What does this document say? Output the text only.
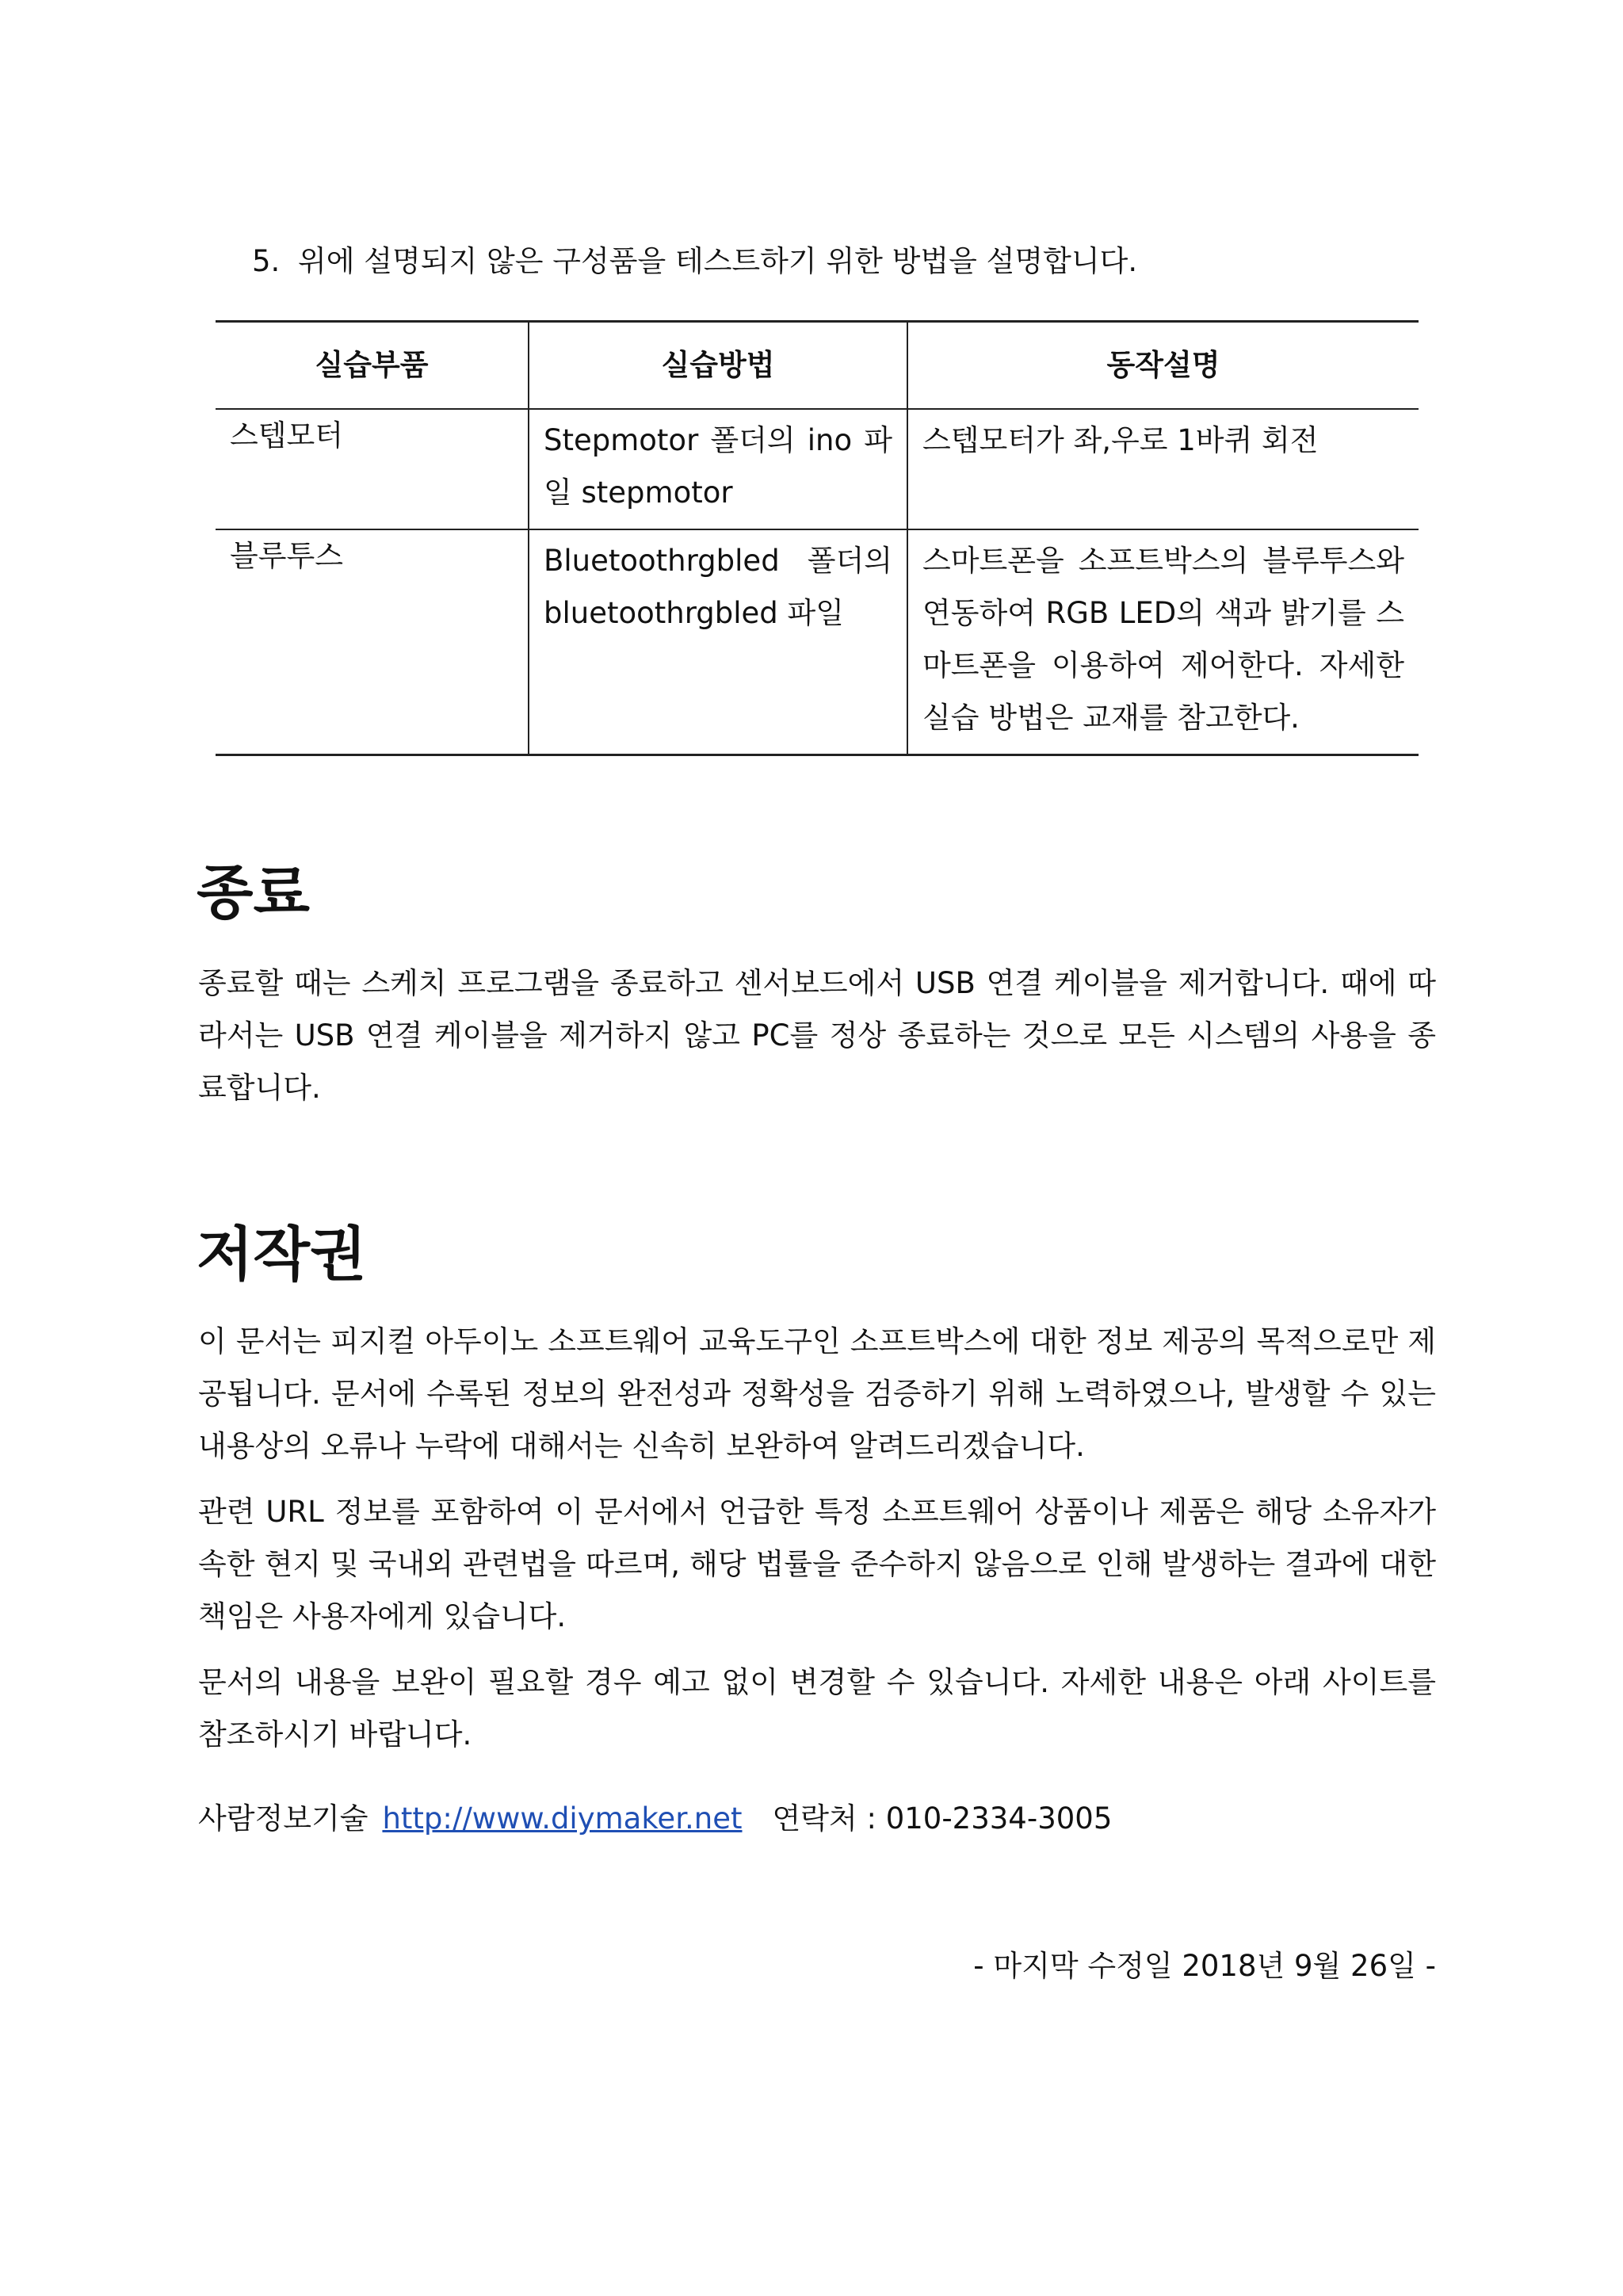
5. 위에 설명되지 않은 구성품을 테스트하기 위한 방법을 설명합니다.
실습부품	실습방법	동작설명
스텝모터	Stepmotor 폴더의 ino 파일 stepmotor	스텝모터가 좌,우로 1바퀴 회전
블루투스	Bluetoothrgbled 폴더의 bluetoothrgbled 파일	스마트폰을 소프트박스의 블루투스와 연동하여 RGB LED의 색과 밝기를 스마트폰을 이용하여 제어한다. 자세한 실습 방법은 교재를 참고한다.
종료

종료할 때는 스케치 프로그램을 종료하고 센서보드에서 USB 연결 케이블을 제거합니다. 때에 따라서는 USB 연결 케이블을 제거하지 않고 PC를 정상 종료하는 것으로 모든 시스템의 사용을 종료합니다.

저작권

이 문서는 피지컬 아두이노 소프트웨어 교육도구인 소프트박스에 대한 정보 제공의 목적으로만 제공됩니다. 문서에 수록된 정보의 완전성과 정확성을 검증하기 위해 노력하였으나, 발생할 수 있는 내용상의 오류나 누락에 대해서는 신속히 보완하여 알려드리겠습니다.

관련 URL 정보를 포함하여 이 문서에서 언급한 특정 소프트웨어 상품이나 제품은 해당 소유자가 속한 현지 및 국내외 관련법을 따르며, 해당 법률을 준수하지 않음으로 인해 발생하는 결과에 대한 책임은 사용자에게 있습니다.

문서의 내용을 보완이 필요할 경우 예고 없이 변경할 수 있습니다. 자세한 내용은 아래 사이트를 참조하시기 바랍니다.

사람정보기술 http://www.diymaker.net 연락처 : 010-2334-3005
- 마지막 수정일 2018년 9월 26일 -
